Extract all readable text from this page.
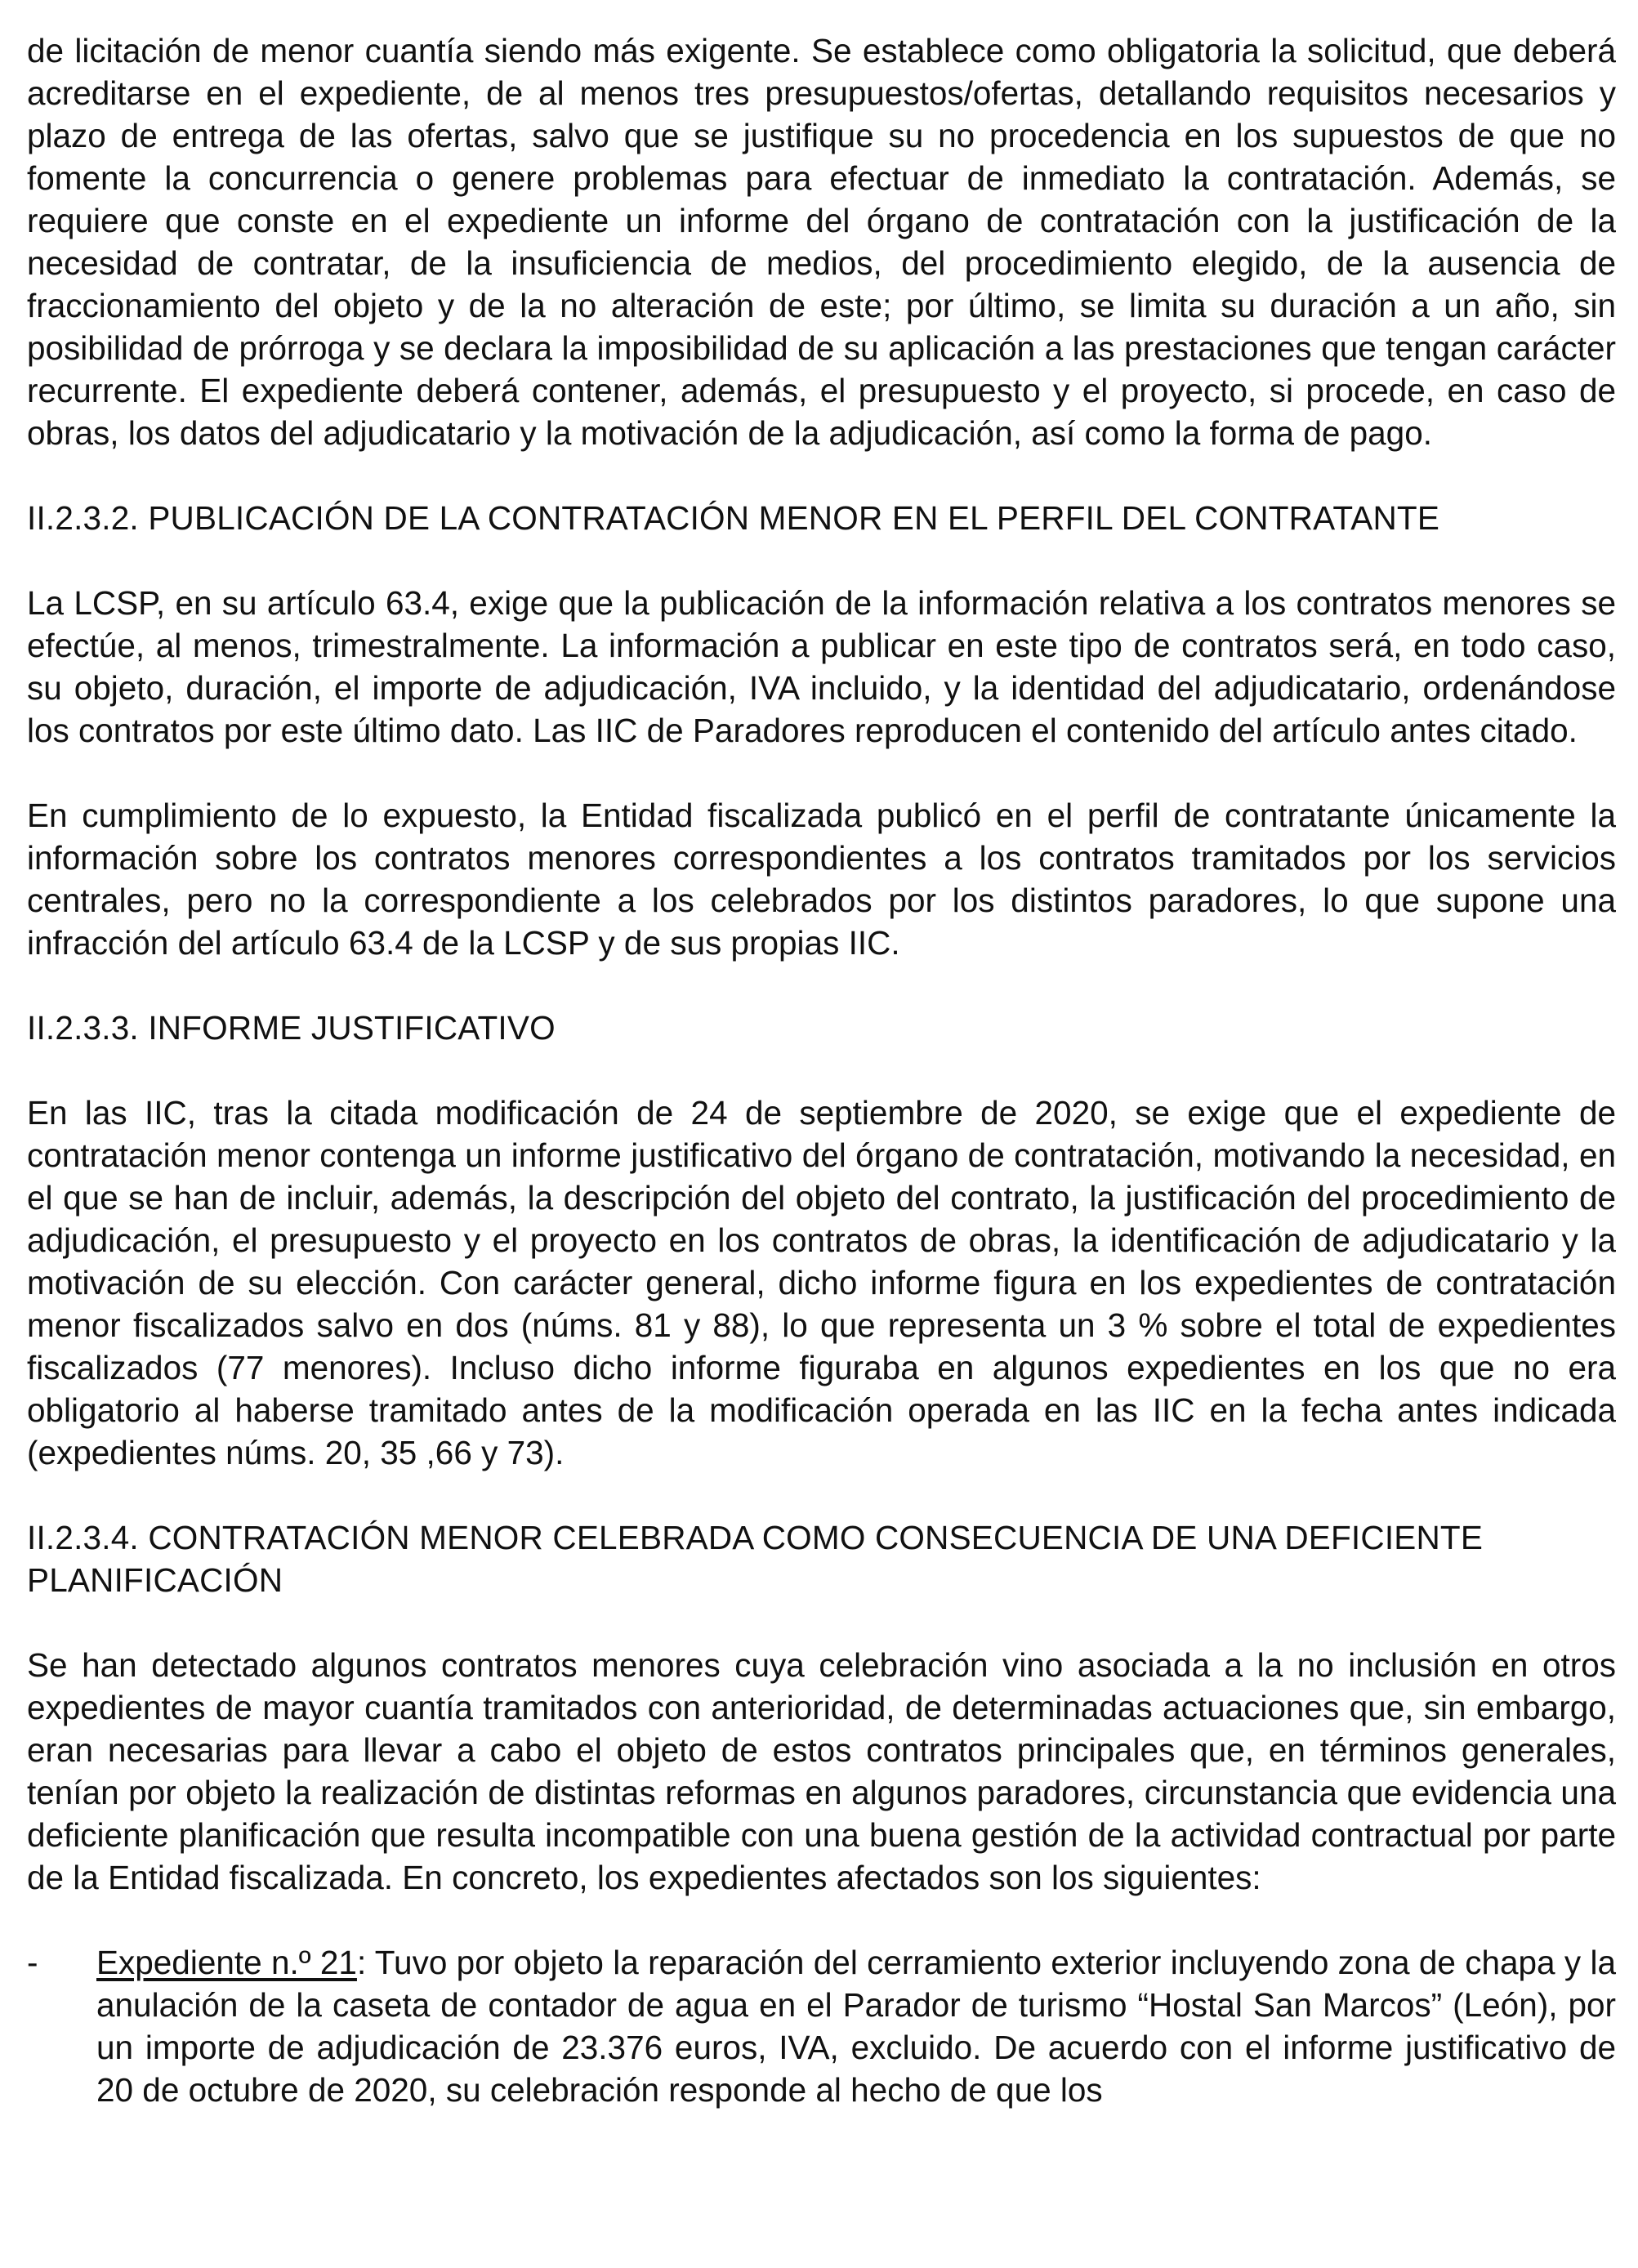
de licitación de menor cuantía siendo más exigente. Se establece como obligatoria la solicitud, que deberá acreditarse en el expediente, de al menos tres presupuestos/ofertas, detallando requisitos necesarios y plazo de entrega de las ofertas, salvo que se justifique su no procedencia en los supuestos de que no fomente la concurrencia o genere problemas para efectuar de inmediato la contratación. Además, se requiere que conste en el expediente un informe del órgano de contratación con la justificación de la necesidad de contratar, de la insuficiencia de medios, del procedimiento elegido, de la ausencia de fraccionamiento del objeto y de la no alteración de este; por último, se limita su duración a un año, sin posibilidad de prórroga y se declara la imposibilidad de su aplicación a las prestaciones que tengan carácter recurrente. El expediente deberá contener, además, el presupuesto y el proyecto, si procede, en caso de obras, los datos del adjudicatario y la motivación de la adjudicación, así como la forma de pago.

II.2.3.2. PUBLICACIÓN DE LA CONTRATACIÓN MENOR EN EL PERFIL DEL CONTRATANTE

La LCSP, en su artículo 63.4, exige que la publicación de la información relativa a los contratos menores se efectúe, al menos, trimestralmente. La información a publicar en este tipo de contratos será, en todo caso, su objeto, duración, el importe de adjudicación, IVA incluido, y la identidad del adjudicatario, ordenándose los contratos por este último dato. Las IIC de Paradores reproducen el contenido del artículo antes citado.

En cumplimiento de lo expuesto, la Entidad fiscalizada publicó en el perfil de contratante únicamente la información sobre los contratos menores correspondientes a los contratos tramitados por los servicios centrales, pero no la correspondiente a los celebrados por los distintos paradores, lo que supone una infracción del artículo 63.4 de la LCSP y de sus propias IIC.

II.2.3.3. INFORME JUSTIFICATIVO

En las IIC, tras la citada modificación de 24 de septiembre de 2020, se exige que el expediente de contratación menor contenga un informe justificativo del órgano de contratación, motivando la necesidad, en el que se han de incluir, además, la descripción del objeto del contrato, la justificación del procedimiento de adjudicación, el presupuesto y el proyecto en los contratos de obras, la identificación de adjudicatario y la motivación de su elección. Con carácter general, dicho informe figura en los expedientes de contratación menor fiscalizados salvo en dos (núms. 81 y 88), lo que representa un 3 % sobre el total de expedientes fiscalizados (77 menores). Incluso dicho informe figuraba en algunos expedientes en los que no era obligatorio al haberse tramitado antes de la modificación operada en las IIC en la fecha antes indicada (expedientes núms. 20, 35 ,66 y 73).

II.2.3.4. CONTRATACIÓN MENOR CELEBRADA COMO CONSECUENCIA DE UNA DEFICIENTE PLANIFICACIÓN

Se han detectado algunos contratos menores cuya celebración vino asociada a la no inclusión en otros expedientes de mayor cuantía tramitados con anterioridad, de determinadas actuaciones que, sin embargo, eran necesarias para llevar a cabo el objeto de estos contratos principales que, en términos generales, tenían por objeto la realización de distintas reformas en algunos paradores, circunstancia que evidencia una deficiente planificación que resulta incompatible con una buena gestión de la actividad contractual por parte de la Entidad fiscalizada. En concreto, los expedientes afectados son los siguientes:

- Expediente n.º 21: Tuvo por objeto la reparación del cerramiento exterior incluyendo zona de chapa y la anulación de la caseta de contador de agua en el Parador de turismo “Hostal San Marcos” (León), por un importe de adjudicación de 23.376 euros, IVA, excluido. De acuerdo con el informe justificativo de 20 de octubre de 2020, su celebración responde al hecho de que los
